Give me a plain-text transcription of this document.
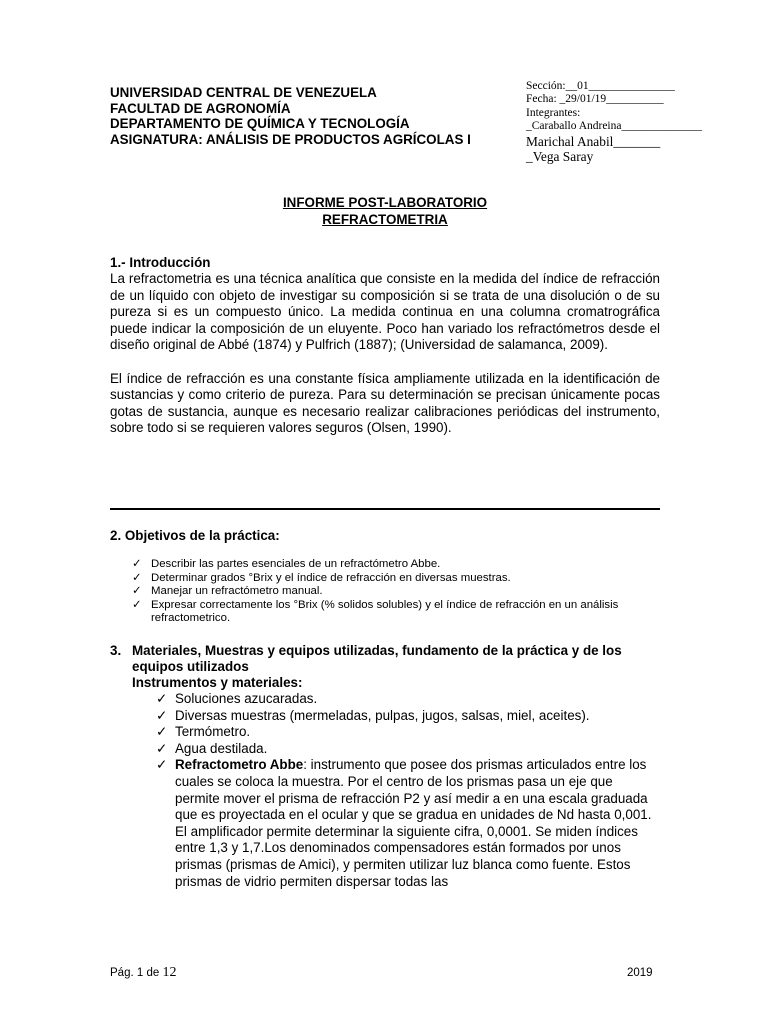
UNIVERSIDAD CENTRAL DE VENEZUELA
FACULTAD DE AGRONOMÍA
DEPARTAMENTO DE QUÍMICA Y TECNOLOGÍA
ASIGNATURA: ANÁLISIS DE PRODUCTOS AGRÍCOLAS I
Sección:__01_______________
Fecha: _29/01/19__________
Integrantes:
_Caraballo Andreina______________
Marichal Anabil_______
_Vega Saray
INFORME POST-LABORATORIO
REFRACTOMETRIA
1.- Introducción

La refractometria es una técnica analítica que consiste en la medida del índice de refracción de un líquido con objeto de investigar su composición si se trata de una disolución o de su pureza si es un compuesto único. La medida continua en una columna cromatrográfica puede indicar la composición de un eluyente. Poco han variado los refractómetros desde el diseño original de Abbé (1874) y Pulfrich (1887); (Universidad de salamanca, 2009).

El índice de refracción es una constante física ampliamente utilizada en la identificación de sustancias y como criterio de pureza. Para su determinación se precisan únicamente pocas gotas de sustancia, aunque es necesario realizar calibraciones periódicas del instrumento, sobre todo si se requieren valores seguros (Olsen, 1990).

2. Objetivos de la práctica:
✓ Describir las partes esenciales de un refractómetro Abbe.
✓ Determinar grados °Brix y el índice de refracción en diversas muestras.
✓ Manejar un refractómetro manual.
✓ Expresar correctamente los °Brix (% solidos solubles) y el índice de refracción en un análisis refractometrico.
3. Materiales, Muestras y equipos utilizadas, fundamento de la práctica y de los equipos utilizados
Instrumentos y materiales:
✓ Soluciones azucaradas.
✓ Diversas muestras (mermeladas, pulpas, jugos, salsas, miel, aceites).
✓ Termómetro.
✓ Agua destilada.
✓ Refractometro Abbe: instrumento que posee dos prismas articulados entre los cuales se coloca la muestra. Por el centro de los prismas pasa un eje que permite mover el prisma de refracción P2 y así medir a en una escala graduada que es proyectada en el ocular y que se gradua en unidades de Nd hasta 0,001. El amplificador permite determinar la siguiente cifra, 0,0001. Se miden índices entre 1,3 y 1,7.Los denominados compensadores están formados por unos prismas (prismas de Amici), y permiten utilizar luz blanca como fuente. Estos prismas de vidrio permiten dispersar todas las
Pág. 1 de 12	2019
